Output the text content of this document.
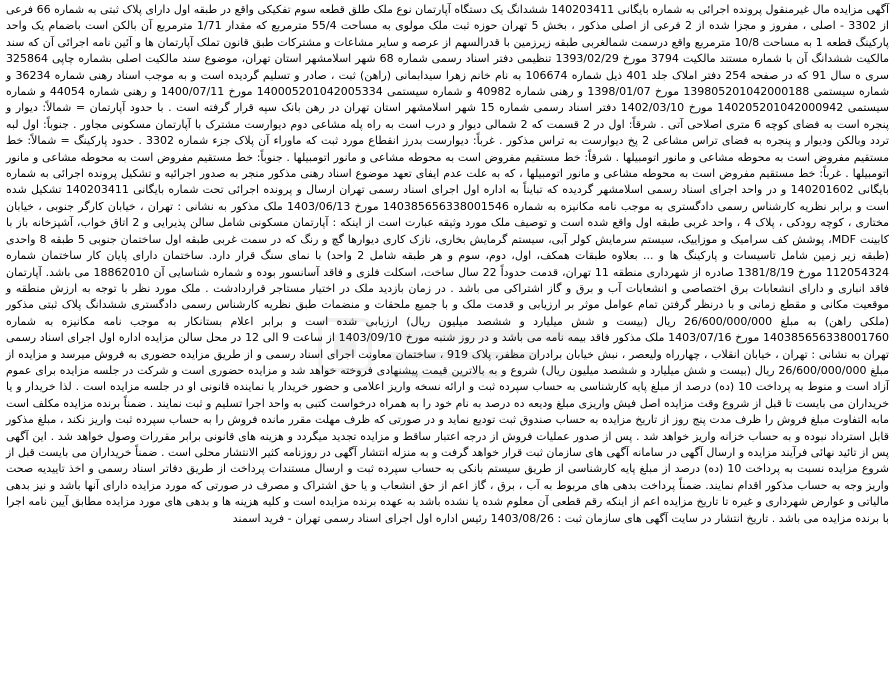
آگهی مزایده مال غیرمنقول پرونده اجرائی به شماره بایگانی 140203411 ششدانگ یک دستگاه آپارتمان نوع ملک طلق قطعه سوم تفکیکی واقع در طبقه اول دارای پلاک ثبتی به شماره 66 فرعی از 3302 - اصلی ، مفروز و مجزا شده از 2 فرعی از اصلی مذکور ، بخش 5 تهران حوزه ثبت ملک مولوی به مساحت 55/4 مترمربع که مقدار 1/71 مترمربع آن بالکن است باضمام یک واحد پارکینگ قطعه 1 به مساحت 10/8 مترمربع واقع درسمت شمالغربی طبقه زیرزمین با قدرالسهم از عرصه و سایر مشاعات و مشترکات طبق قانون تملک آپارتمان ها و آئین نامه اجرائی آن که سند مالکیت ششدانگ آن با شماره مستند مالکیت 3794 مورخ 1393/02/29 تنظیمی دفتر اسناد رسمی شماره 68 شهر اسلامشهر استان تهران، موضوع سند مالکیت اصلی بشماره چاپی 325864 سری ه سال 91 که در صفحه 254 دفتر املاک جلد 401 ذیل شماره 106674 به نام خانم زهرا سیدابمانی (راهن) ثبت ، صادر و تسلیم گردیده است و به موجب اسناد رهنی شماره 36234 و شماره سیستمی 139805201042000188 مورخ 1398/01/07 و رهنی شماره 40982 و شماره سیستمی 140005201042005334 مورخ 1400/07/11 و رهنی شماره 44054 و شماره سیستمی 140205201042000942 مورخ 1402/03/10 دفتر اسناد رسمی شماره 15 شهر اسلامشهر استان تهران در رهن بانک سپه قرار گرفته است . با حدود آپارتمان = شمالاً: دیوار و پنجره است به فضای کوچه 6 متری اصلاحی آتی . شرقاً: اول در 2 قسمت که 2 شمالی دیوار و درب است به راه پله مشاعی دوم دیوارست مشترک با آپارتمان مسکونی مجاور . جنوباً: اول لبه تردد وبالکن ودیوار و پنجره به فضای تراس مشاعی 2 پخ دیوارست به تراس مذکور . غرباً: دیوارست بدرز انقطاع مورد ثبت که ماوراء آن پلاک جزء شماره 3302 . حدود پارکینگ = شمالاً: خط مستقیم مفروض است به محوطه مشاعی و مانور اتومبیلها . شرقاً: خط مستقیم مفروض است به محوطه مشاعی و مانور اتومبیلها . جنوباً: خط مستقیم مفروض است به محوطه مشاعی و مانور اتومبیلها . غرباً: خط مستقیم مفروض است به محوطه مشاعی و مانور اتومبیلها ، که به علت عدم ایفای تعهد موضوع اسناد رهنی مذکور منجر به صدور اجرائیه و تشکیل پرونده اجرائی به شماره بایگانی 140201602 و در واحد اجرای اسناد رسمی اسلامشهر گردیده که تبایناً به اداره اول اجرای اسناد رسمی تهران ارسال و پرونده اجرائی تحت شماره بایگانی 140203411 تشکیل شده است و برابر نظریه کارشناس رسمی دادگستری به موجب نامه مکانیزه به شماره 140385656338001546 مورخ 1403/06/13 ملک مذکور به نشانی : تهران ، خیابان کارگر جنوبی ، خیابان مختاری ، کوچه رودکی ، پلاک 4 ، واحد غربی طبقه اول واقع شده است و توصیف ملک مورد وثیقه عبارت است از اینکه : آپارتمان مسکونی شامل سالن پذیرایی و 2 اتاق خواب، آشپزخانه باز با کابینت MDF، پوشش کف سرامیک و موزاییک، سیستم سرمایش کولر آبی، سیستم گرمایش بخاری، نازک کاری دیوارها گچ و رنگ که در سمت غربی طبقه اول ساختمان جنوبی 5 طبقه 8 واحدی (طبقه زیر زمین شامل تاسیسات و پارکینگ ها و ... بعلاوه طبقات همکف، اول، دوم، سوم و هر طبقه شامل 2 واحد) با نمای سنگ قرار دارد. ساختمان دارای پایان کار ساختمان شماره 112054324 مورخ 1381/8/19 صادره از شهرداری منطقه 11 تهران، قدمت حدوداً 22 سال ساخت، اسکلت فلزی و فاقد آسانسور بوده و شماره شناسایی آن 18862010 می باشد. آپارتمان فاقد انباری و دارای انشعابات برق اختصاصی و انشعابات آب و برق و گاز اشتراکی می باشد . در زمان بازدید ملک در اختیار مستاجر قراردادشت . ملک مورد نظر با توجه به ارزش منطقه و موقعیت مکانی و مقطع زمانی و با درنظر گرفتن تمام عوامل موثر بر ارزیابی و قدمت ملک و با جمیع ملحقات و منضمات طبق نظریه کارشناس رسمی دادگستری ششدانگ پلاک ثبتی مذکور (ملکی راهن) به مبلغ 26/600/000/000 ریال (بیست و شش میلیارد و ششصد میلیون ریال) ارزیابی شده است و برابر اعلام بستانکار به موجب نامه مکانیزه به شماره 140385656338001760 مورخ 1403/07/16 ملک مذکور فاقد بیمه نامه می باشد و در روز شنبه مورخ 1403/09/10 از ساعت 9 الی 12 در محل سالن مزایده اداره اول اجرای اسناد رسمی تهران به نشانی : تهران ، خیابان انقلاب ، چهارراه ولیعصر ، نبش خیابان برادران مظفر، پلاک 919 ، ساختمان معاونت اجرای اسناد رسمی و از طریق مزایده حضوری به فروش میرسد و مزایده از مبلغ 26/600/000/000 ریال (بیست و شش میلیارد و ششصد میلیون ریال) شروع و به بالاترین قیمت پیشنهادی فروخته خواهد شد و مزایده حضوری است و شرکت در جلسه مزایده برای عموم آزاد است و منوط به پرداخت 10 (ده) درصد از مبلغ پایه کارشناسی به حساب سپرده ثبت و ارائه نسخه واریز اعلامی و حضور خریدار یا نماینده قانونی او در جلسه مزایده است . لذا خریدار و یا خریداران می بایست تا قبل از شروع وقت مزایده اصل فیش واریزی مبلغ ودیعه ده درصد به نام خود را به همراه درخواست کتبی به واحد اجرا تسلیم و ثبت نمایند . ضمناً برنده مزایده مکلف است مابه التفاوت مبلغ فروش را ظرف مدت پنج روز از تاریخ مزایده به حساب صندوق ثبت تودیع نماید و در صورتی که ظرف مهلت مقرر مانده فروش را به حساب سپرده ثبت واریز نکند ، مبلغ مذکور قابل استرداد نبوده و به حساب خزانه واریز خواهد شد . پس از صدور عملیات فروش از درجه اعتبار ساقط و مزایده تجدید میگردد و هزینه های قانونی برابر مقررات وصول خواهد شد . این آگهی پس از تائید نهائی فرآیند مزایده و ارسال آگهی در سامانه آگهی های سازمان ثبت قرار خواهد گرفت و به منزله انتشار آگهی در روزنامه کثیر الانتشار محلی است . ضمناً خریداران می بایست قبل از شروع مزایده نسبت به پرداخت 10 (ده) درصد از مبلغ پایه کارشناسی از طریق سیستم بانکی به حساب سپرده ثبت و ارسال مستندات پرداخت از طریق دفاتر اسناد رسمی و اخذ تاییدیه صحت واریز وجه به حساب مذکور اقدام نمایند. ضمناً پرداخت بدهی های مربوط به آب ، برق ، گاز اعم از حق انشعاب و یا حق اشتراک و مصرف در صورتی که مورد مزایده دارای آنها باشد و نیز بدهی مالیاتی و عوارض شهرداری و غیره تا تاریخ مزایده اعم از اینکه رقم قطعی آن معلوم شده یا نشده باشد به عهده برنده مزایده است و کلیه هزینه ها و بدهی های مورد مزایده مطابق آیین نامه اجرا با برنده مزایده می باشد . تاریخ انتشار در سایت آگهی های سازمان ثبت : 1403/08/26 رئیس اداره اول اجرای اسناد رسمی تهران - فرید اسمند
